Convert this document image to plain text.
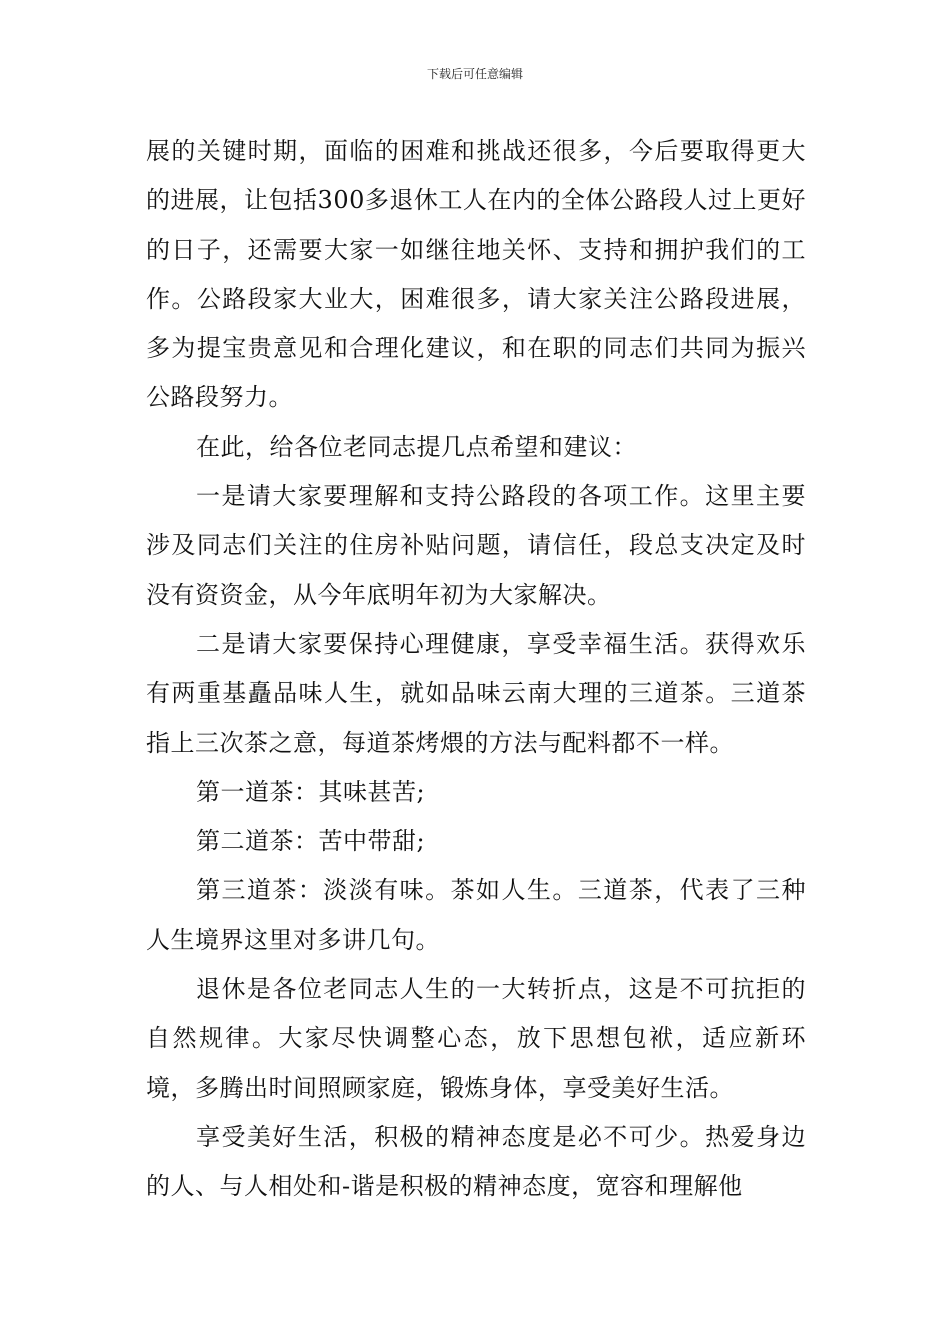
下载后可任意编辑

展的关键时期，面临的困难和挑战还很多，今后要取得更大的进展，让包括300多退休工人在内的全体公路段人过上更好的日子，还需要大家一如继往地关怀、支持和拥护我们的工作。公路段家大业大，困难很多，请大家关注公路段进展，多为提宝贵意见和合理化建议，和在职的同志们共同为振兴公路段努力。

在此，给各位老同志提几点希望和建议：

一是请大家要理解和支持公路段的各项工作。这里主要涉及同志们关注的住房补贴问题，请信任，段总支决定及时没有资资金，从今年底明年初为大家解决。

二是请大家要保持心理健康，享受幸福生活。获得欢乐有两重基矗品味人生，就如品味云南大理的三道茶。三道茶指上三次茶之意，每道茶烤煨的方法与配料都不一样。

第一道茶：其味甚苦;

第二道茶：苦中带甜;

第三道茶：淡淡有味。茶如人生。三道茶，代表了三种人生境界这里对多讲几句。

退休是各位老同志人生的一大转折点，这是不可抗拒的自然规律。大家尽快调整心态，放下思想包袱，适应新环境，多腾出时间照顾家庭，锻炼身体，享受美好生活。

享受美好生活，积极的精神态度是必不可少。热爱身边的人、与人相处和-谐是积极的精神态度，宽容和理解他
